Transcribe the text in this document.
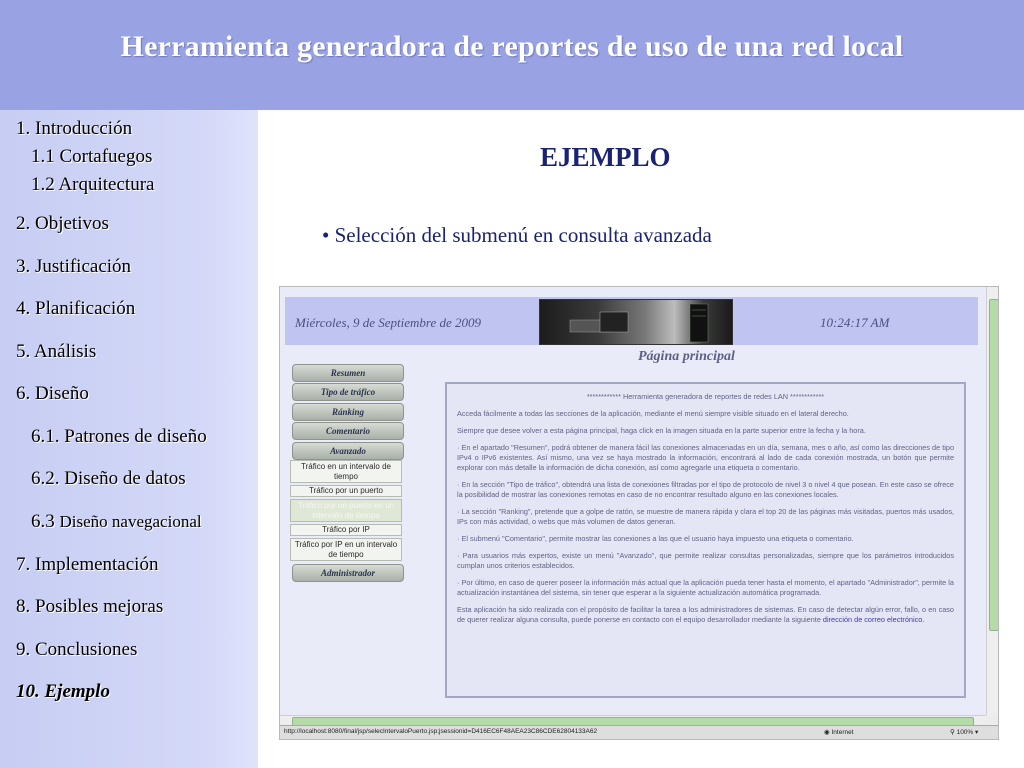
Herramienta generadora de reportes de uso de una red local
1. Introducción
1.1 Cortafuegos
1.2 Arquitectura
2. Objetivos
3. Justificación
4. Planificación
5. Análisis
6. Diseño
6.1. Patrones de diseño
6.2. Diseño de datos
6.3 Diseño navegacional
7. Implementación
8. Posibles mejoras
9. Conclusiones
10. Ejemplo
EJEMPLO
• Selección del submenú en consulta avanzada
Miércoles, 9 de Septiembre de 2009	10:24:17 AM
Página principal
Resumen
Tipo de tráfico
Ránking
Comentario
Avanzado
Tráfico en un intervalo de tiempo
Tráfico por un puerto
Tráfico por un puerto en un intervalo de tiempo
Tráfico por IP
Tráfico por IP en un intervalo de tiempo
Administrador

************ Herramienta generadora de reportes de redes LAN ************

Acceda fácilmente a todas las secciones de la aplicación, mediante el menú siempre visible situado en el lateral derecho.

Siempre que desee volver a esta página principal, haga click en la imagen situada en la parte superior entre la fecha y la hora.

· En el apartado "Resumen", podrá obtener de manera fácil las conexiones almacenadas en un día, semana, mes o año, así como las direcciones de tipo IPv4 o IPv6 existentes. Así mismo, una vez se haya mostrado la información, encontrará al lado de cada conexión mostrada, un botón que permite explorar con más detalle la información de dicha conexión, así como agregarle una etiqueta o comentario.

· En la sección "Tipo de tráfico", obtendrá una lista de conexiones filtradas por el tipo de protocolo de nivel 3 o nivel 4 que posean. En este caso se ofrece la posibilidad de mostrar las conexiones remotas en caso de no encontrar resultado alguno en las conexiones locales.

· La sección "Ranking", pretende que a golpe de ratón, se muestre de manera rápida y clara el top 20 de las páginas más visitadas, puertos más usados, IPs con más actividad, o webs que más volumen de datos generan.

· El submenú "Comentario", permite mostrar las conexiones a las que el usuario haya impuesto una etiqueta o comentario.

· Para usuarios más expertos, existe un menú "Avanzado", que permite realizar consultas personalizadas, siempre que los parámetros introducidos cumplan unos criterios establecidos.

· Por último, en caso de querer poseer la información más actual que la aplicación pueda tener hasta el momento, el apartado "Administrador", permite la actualización instantánea del sistema, sin tener que esperar a la siguiente actualización automática programada.

Esta aplicación ha sido realizada con el propósito de facilitar la tarea a los administradores de sistemas. En caso de detectar algún error, fallo, o en caso de querer realizar alguna consulta, puede ponerse en contacto con el equipo desarrollador mediante la siguiente dirección de correo electrónico.

http://localhost:8080/final/jsp/selecIntervaloPuerto.jsp;jsessionid=D416EC6F48AEA23C86CDE62804133A62	◉ Internet	⚲ 100% ▾
